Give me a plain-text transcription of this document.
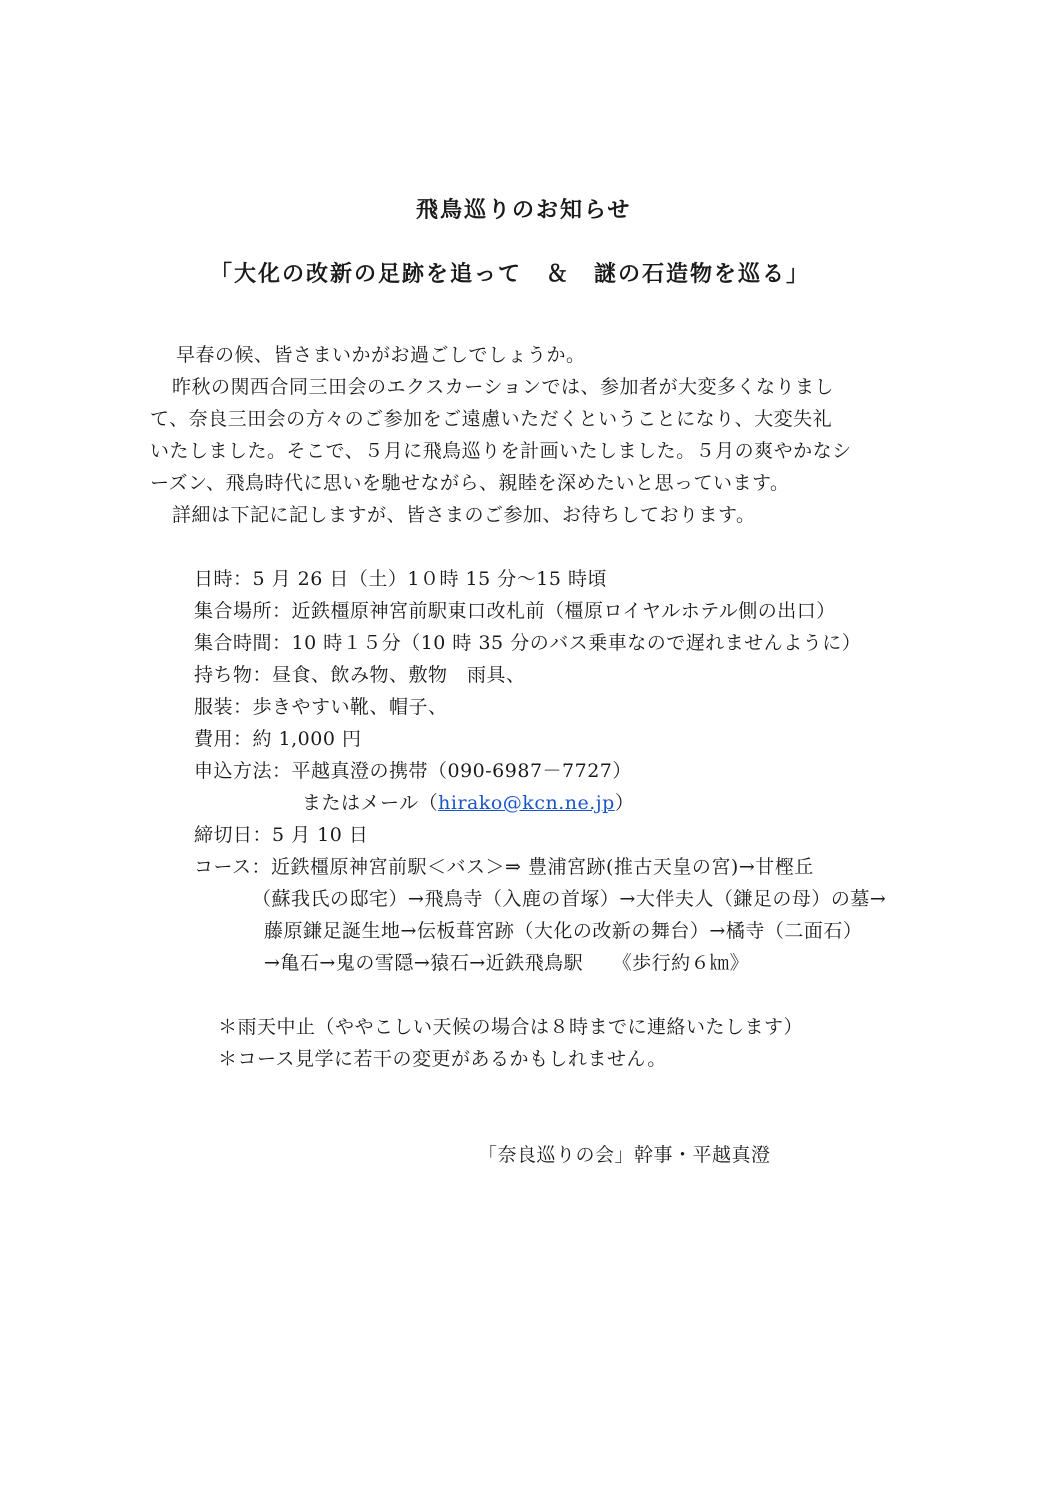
飛鳥巡りのお知らせ
「大化の改新の足跡を追って　＆　謎の石造物を巡る」
早春の候、皆さまいかがお過ごしでしょうか。
昨秋の関西合同三田会のエクスカーションでは、参加者が大変多くなりまし
て、奈良三田会の方々のご参加をご遠慮いただくということになり、大変失礼
いたしました。そこで、５月に飛鳥巡りを計画いたしました。５月の爽やかなシ
ーズン、飛鳥時代に思いを馳せながら、親睦を深めたいと思っています。
詳細は下記に記しますが、皆さまのご参加、お待ちしております。
日時：5 月 26 日（土）1０時 15 分～15 時頃
集合場所：近鉄橿原神宮前駅東口改札前（橿原ロイヤルホテル側の出口）
集合時間：10 時１５分（10 時 35 分のバス乗車なので遅れませんように）
持ち物：昼食、飲み物、敷物　雨具、
服装：歩きやすい靴、帽子、
費用：約 1,000 円
申込方法：平越真澄の携帯（090-6987－7727）
またはメール（hirako@kcn.ne.jp）
締切日：5 月 10 日
コース：近鉄橿原神宮前駅＜バス＞⇒ 豊浦宮跡(推古天皇の宮)→甘樫丘
（蘇我氏の邸宅）→飛鳥寺（入鹿の首塚）→大伴夫人（鎌足の母）の墓→
藤原鎌足誕生地→伝板葺宮跡（大化の改新の舞台）→橘寺（二面石）
→亀石→鬼の雪隠→猿石→近鉄飛鳥駅　　《歩行約６㎞》
＊雨天中止（ややこしい天候の場合は８時までに連絡いたします）
＊コース見学に若干の変更があるかもしれません。
「奈良巡りの会」幹事・平越真澄
